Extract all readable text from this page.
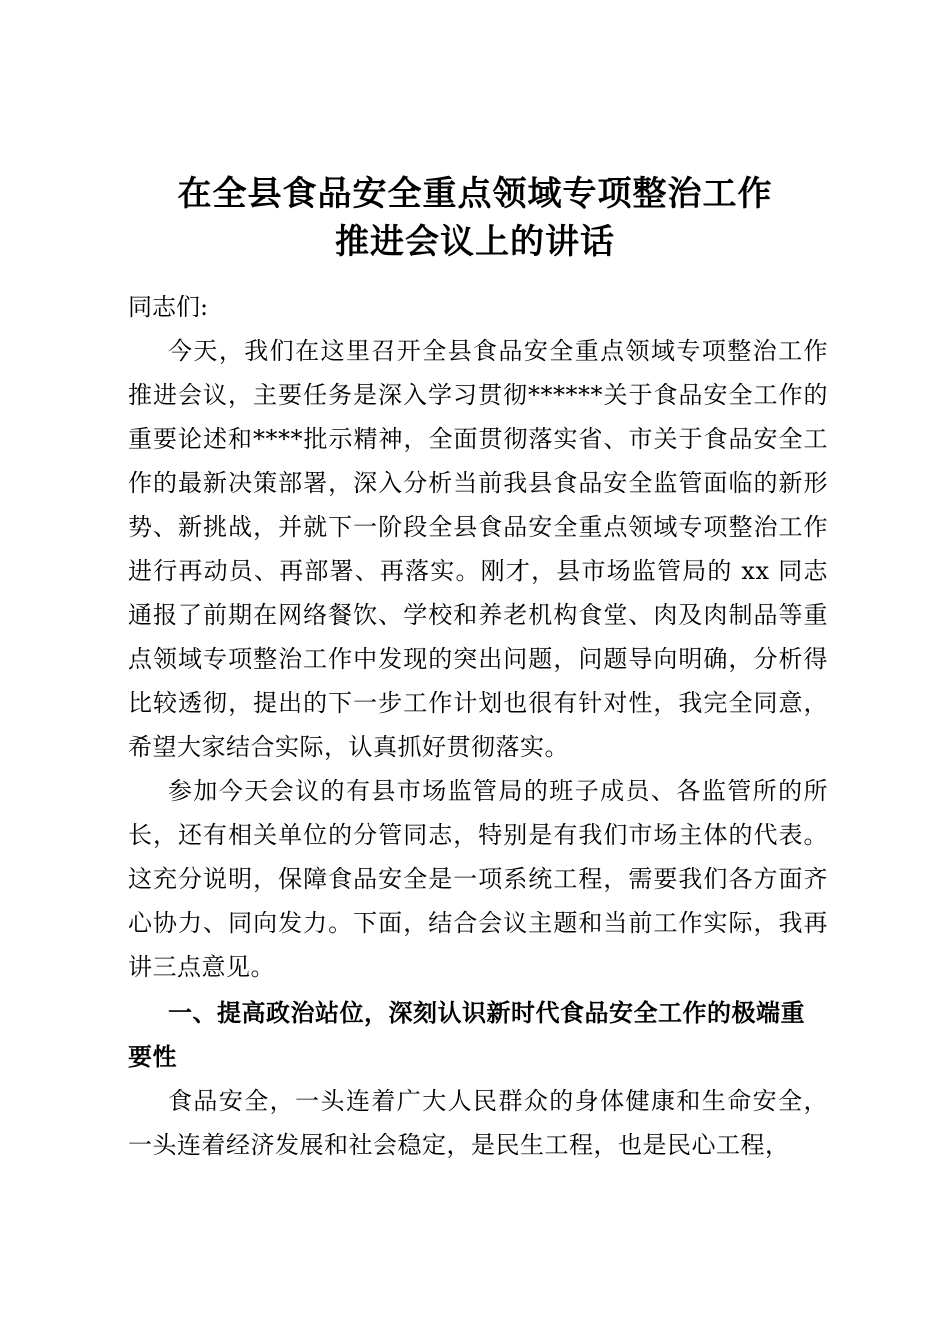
在全县食品安全重点领域专项整治工作
推进会议上的讲话
同志们:
今天，我们在这里召开全县食品安全重点领域专项整治工作推进会议，主要任务是深入学习贯彻******关于食品安全工作的重要论述和****批示精神，全面贯彻落实省、市关于食品安全工作的最新决策部署，深入分析当前我县食品安全监管面临的新形势、新挑战，并就下一阶段全县食品安全重点领域专项整治工作进行再动员、再部署、再落实。刚才，县市场监管局的 xx 同志通报了前期在网络餐饮、学校和养老机构食堂、肉及肉制品等重点领域专项整治工作中发现的突出问题，问题导向明确，分析得比较透彻，提出的下一步工作计划也很有针对性，我完全同意，希望大家结合实际，认真抓好贯彻落实。
参加今天会议的有县市场监管局的班子成员、各监管所的所长，还有相关单位的分管同志，特别是有我们市场主体的代表。这充分说明，保障食品安全是一项系统工程，需要我们各方面齐心协力、同向发力。下面，结合会议主题和当前工作实际，我再讲三点意见。
一、提高政治站位，深刻认识新时代食品安全工作的极端重要性
食品安全，一头连着广大人民群众的身体健康和生命安全，一头连着经济发展和社会稳定，是民生工程，也是民心工程，
